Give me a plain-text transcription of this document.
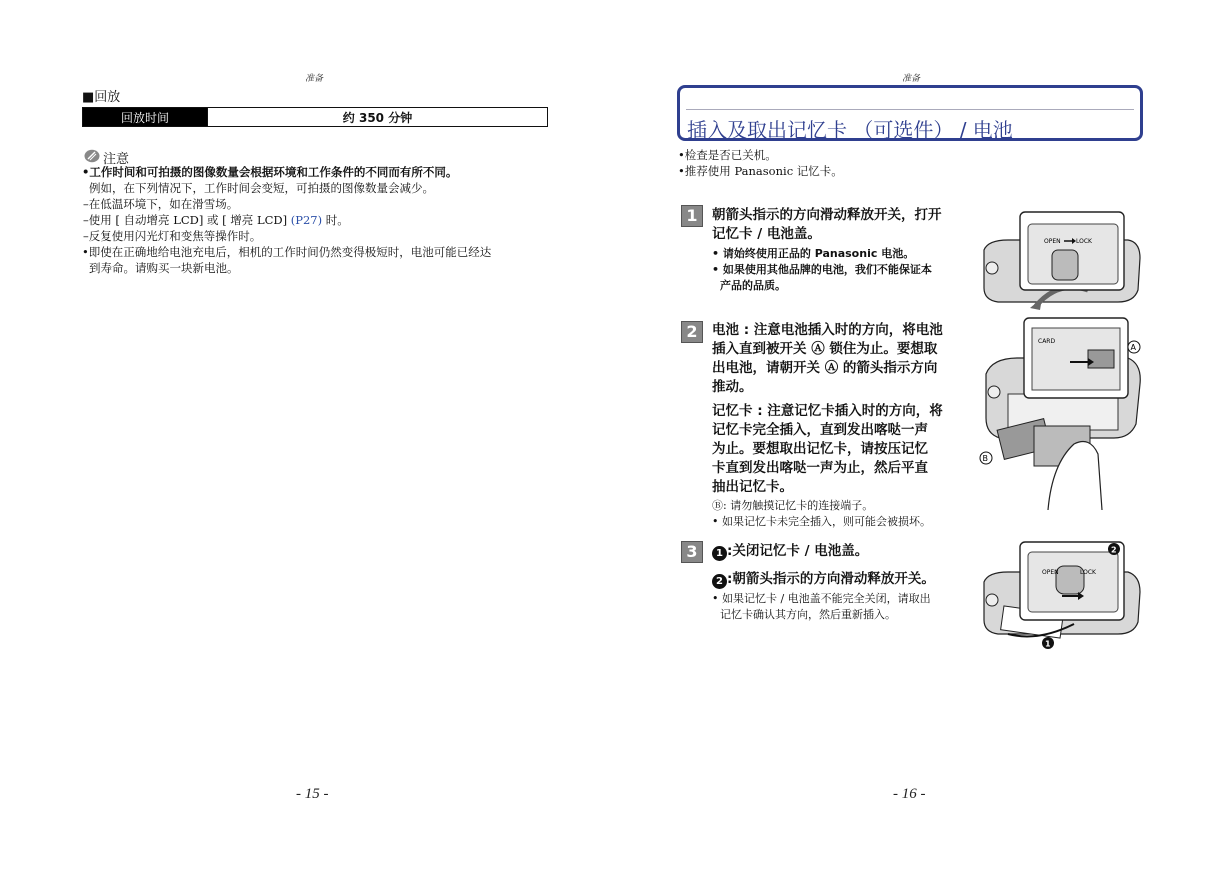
准备
■回放
回放时间	约 350 分钟
注意
•工作时间和可拍摄的图像数量会根据环境和工作条件的不同而有所不同。
例如，在下列情况下，工作时间会变短，可拍摄的图像数量会减少。
–在低温环境下，如在滑雪场。
–使用 [ 自动增亮 LCD] 或 [ 增亮 LCD] (P27) 时。
–反复使用闪光灯和变焦等操作时。
•即使在正确地给电池充电后，相机的工作时间仍然变得极短时，电池可能已经达
到寿命。请购买一块新电池。
- 15 -
准备
插入及取出记忆卡 （可选件） / 电池
•检查是否已关机。
•推荐使用 Panasonic 记忆卡。
1	朝箭头指示的方向滑动释放开关，打开
记忆卡 / 电池盖。
• 请始终使用正品的 Panasonic 电池。
• 如果使用其他品牌的电池，我们不能保证本
产品的品质。
OPEN	LOCK
2	电池 : 注意电池插入时的方向，将电池
插入直到被开关 Ⓐ 锁住为止。要想取
出电池，请朝开关 Ⓐ 的箭头指示方向
推动。
记忆卡 : 注意记忆卡插入时的方向，将
记忆卡完全插入，直到发出喀哒一声
为止。要想取出记忆卡，请按压记忆
卡直到发出喀哒一声为止，然后平直
抽出记忆卡。
Ⓑ: 请勿触摸记忆卡的连接端子。
• 如果记忆卡未完全插入，则可能会被损坏。
CARD
A
B
3	1 :关闭记忆卡 / 电池盖。
2 :朝箭头指示的方向滑动释放开关。
• 如果记忆卡 / 电池盖不能完全关闭，请取出
记忆卡确认其方向，然后重新插入。
OPEN	LOCK
2
1
- 16 -
